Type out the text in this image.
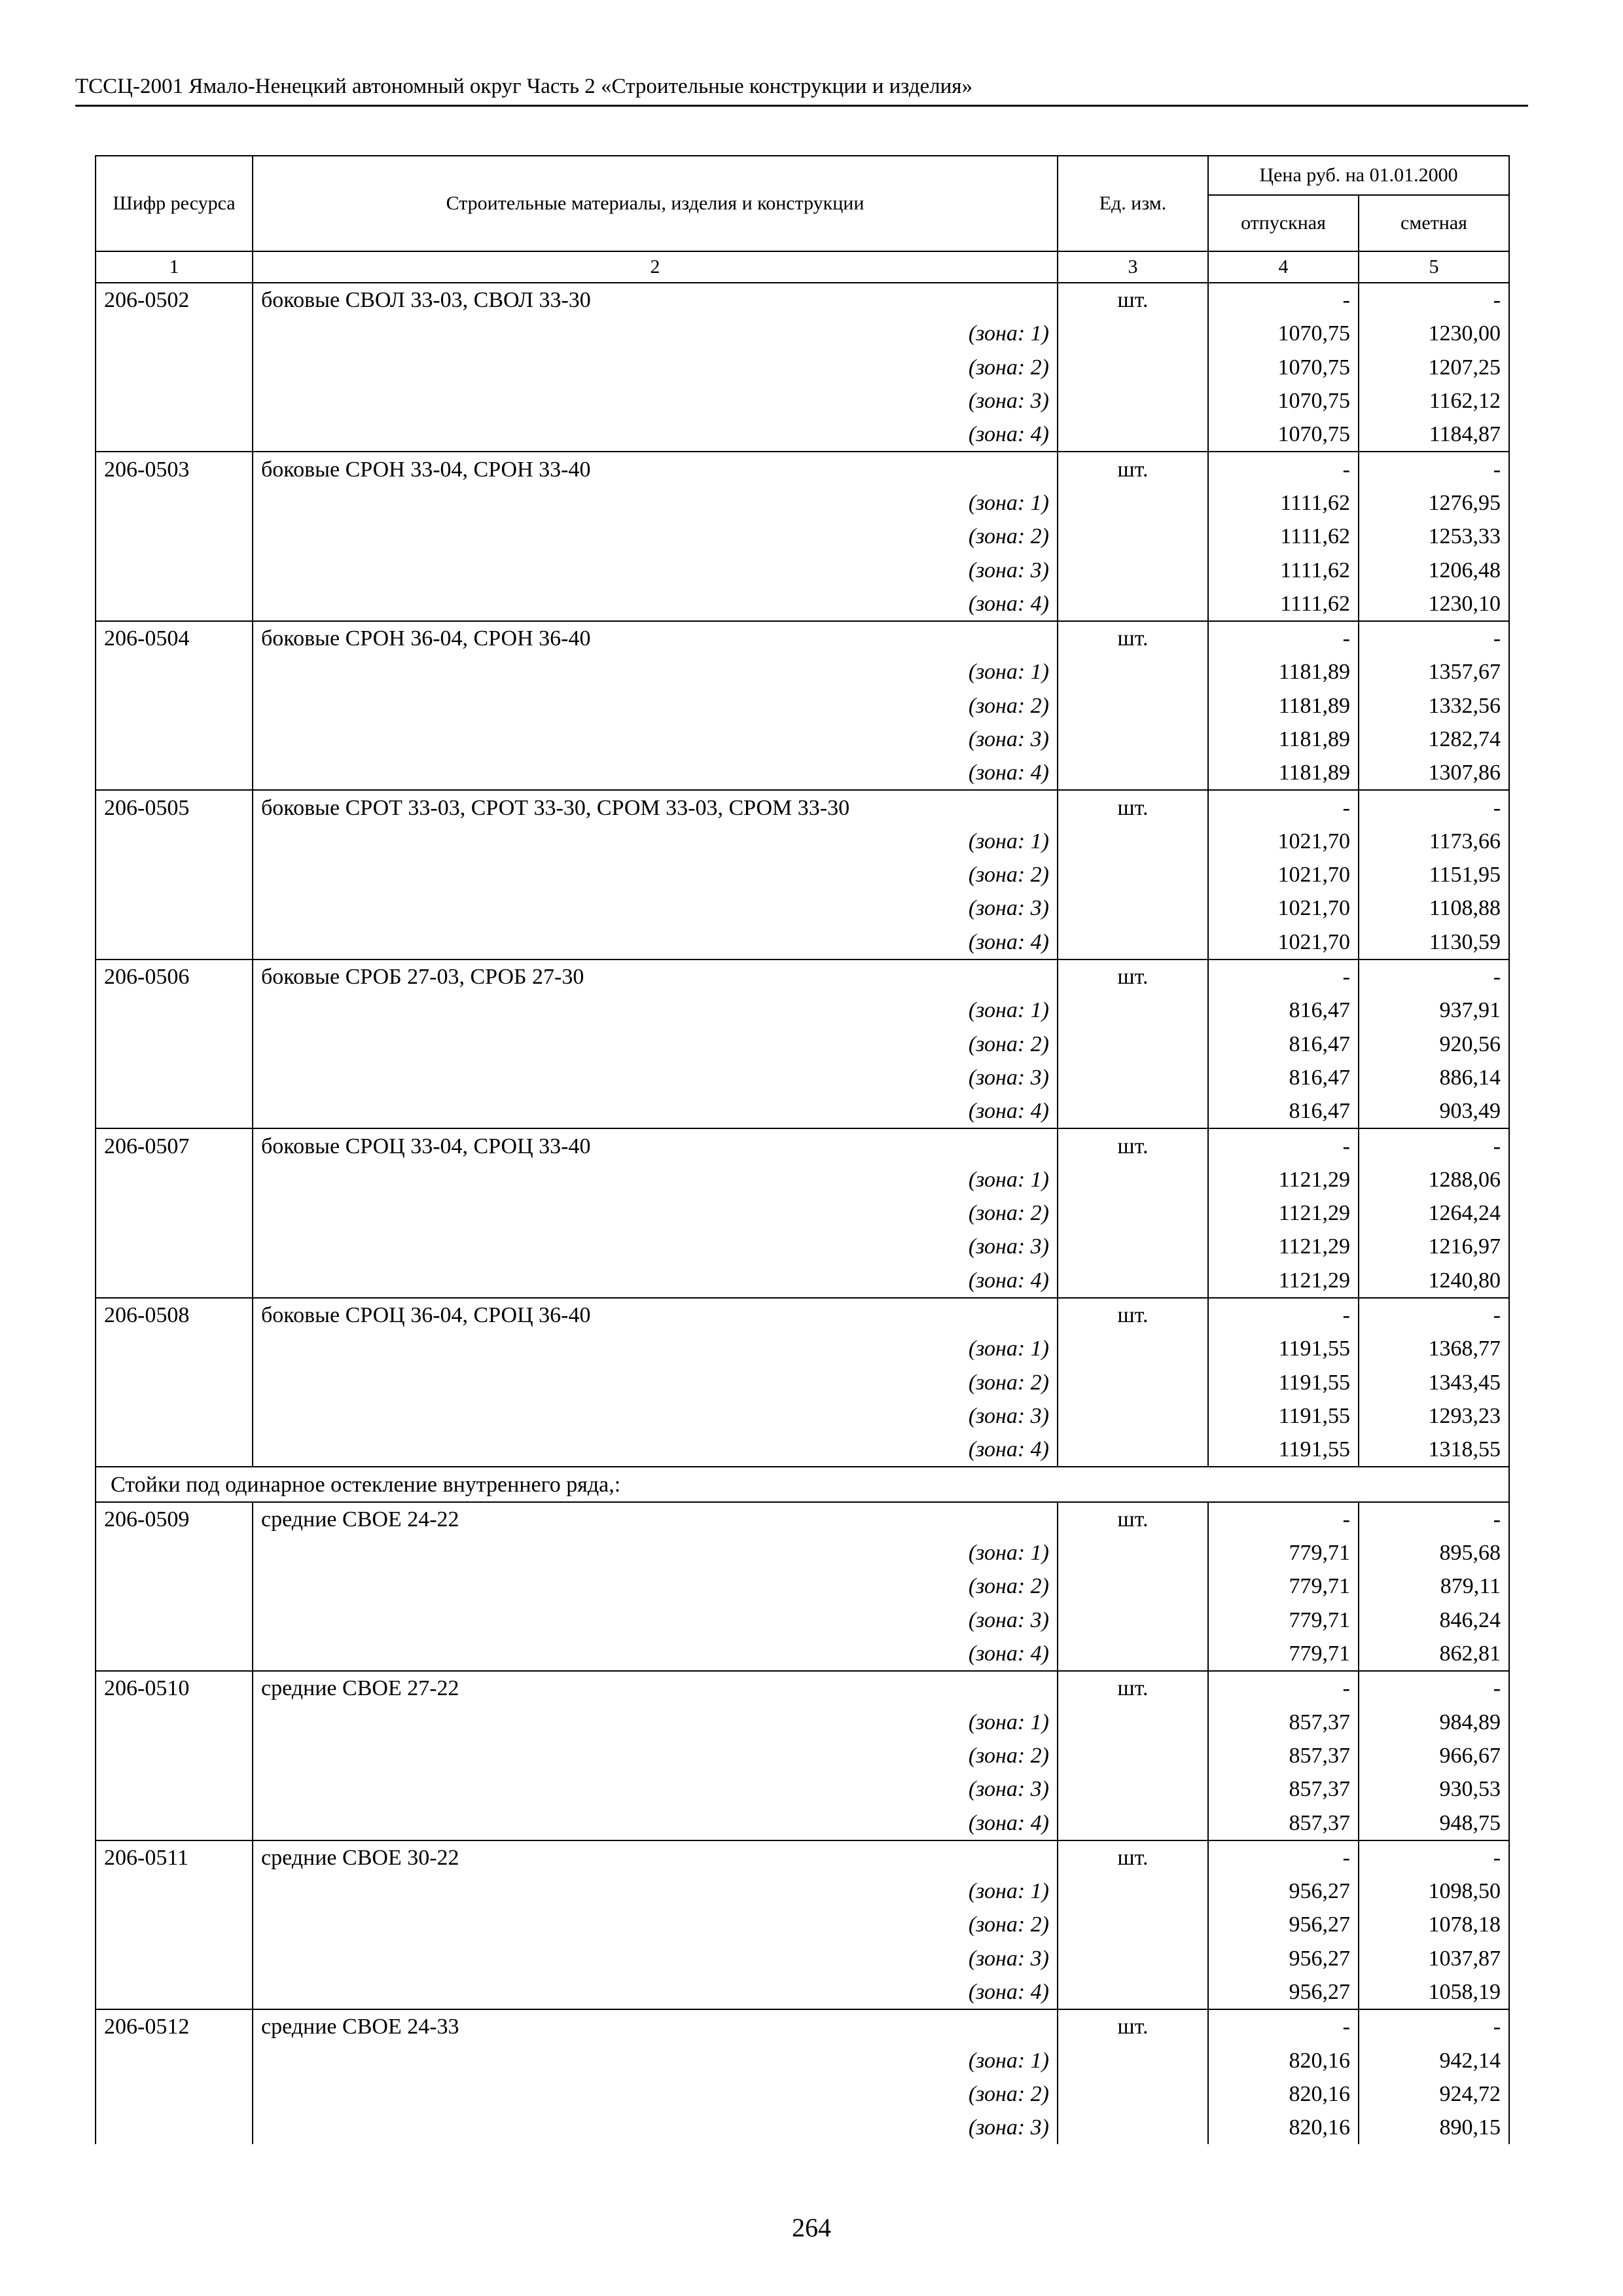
ТССЦ-2001 Ямало-Ненецкий автономный округ Часть 2 «Строительные конструкции и изделия»
Шифр ресурса	Строительные материалы, изделия и конструкции	Ед. изм.	Цена руб. на 01.01.2000	
			отпускная	сметная
1	2	3	4	5
206-0502	боковые СВОЛ 33-03, СВОЛ 33-30	шт.	-	-
	(зона: 1)		1070,75	1230,00
	(зона: 2)		1070,75	1207,25
	(зона: 3)		1070,75	1162,12
	(зона: 4)		1070,75	1184,87
206-0503	боковые СРОН 33-04, СРОН 33-40	шт.	-	-
	(зона: 1)		1111,62	1276,95
	(зона: 2)		1111,62	1253,33
	(зона: 3)		1111,62	1206,48
	(зона: 4)		1111,62	1230,10
206-0504	боковые СРОН 36-04, СРОН 36-40	шт.	-	-
	(зона: 1)		1181,89	1357,67
	(зона: 2)		1181,89	1332,56
	(зона: 3)		1181,89	1282,74
	(зона: 4)		1181,89	1307,86
206-0505	боковые СРОТ 33-03, СРОТ 33-30, СРОМ 33-03, СРОМ 33-30	шт.	-	-
	(зона: 1)		1021,70	1173,66
	(зона: 2)		1021,70	1151,95
	(зона: 3)		1021,70	1108,88
	(зона: 4)		1021,70	1130,59
206-0506	боковые СРОБ 27-03, СРОБ 27-30	шт.	-	-
	(зона: 1)		816,47	937,91
	(зона: 2)		816,47	920,56
	(зона: 3)		816,47	886,14
	(зона: 4)		816,47	903,49
206-0507	боковые СРОЦ 33-04, СРОЦ 33-40	шт.	-	-
	(зона: 1)		1121,29	1288,06
	(зона: 2)		1121,29	1264,24
	(зона: 3)		1121,29	1216,97
	(зона: 4)		1121,29	1240,80
206-0508	боковые СРОЦ 36-04, СРОЦ 36-40	шт.	-	-
	(зона: 1)		1191,55	1368,77
	(зона: 2)		1191,55	1343,45
	(зона: 3)		1191,55	1293,23
	(зона: 4)		1191,55	1318,55
Стойки под одинарное остекление внутреннего ряда,:				
206-0509	средние СВОЕ 24-22	шт.	-	-
	(зона: 1)		779,71	895,68
	(зона: 2)		779,71	879,11
	(зона: 3)		779,71	846,24
	(зона: 4)		779,71	862,81
206-0510	средние СВОЕ 27-22	шт.	-	-
	(зона: 1)		857,37	984,89
	(зона: 2)		857,37	966,67
	(зона: 3)		857,37	930,53
	(зона: 4)		857,37	948,75
206-0511	средние СВОЕ 30-22	шт.	-	-
	(зона: 1)		956,27	1098,50
	(зона: 2)		956,27	1078,18
	(зона: 3)		956,27	1037,87
	(зона: 4)		956,27	1058,19
206-0512	средние СВОЕ 24-33	шт.	-	-
	(зона: 1)		820,16	942,14
	(зона: 2)		820,16	924,72
	(зона: 3)		820,16	890,15
264
